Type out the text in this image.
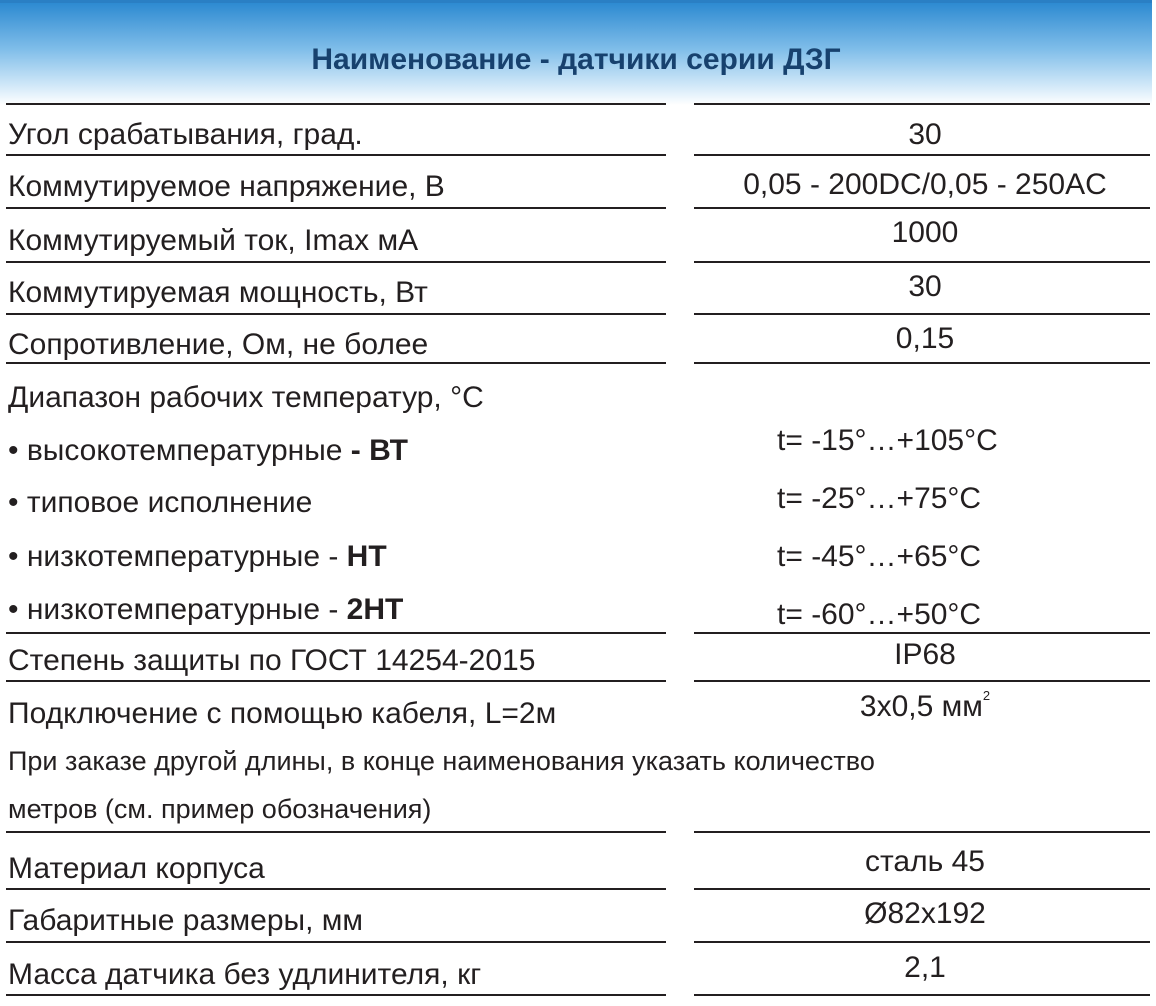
Наименование - датчики серии ДЗГ
Угол срабатывания, град.	30
Коммутируемое напряжение, В	0,05 - 200DC/0,05 - 250AC
Коммутируемый ток, Imax мА	1000
Коммутируемая мощность, Вт	30
Сопротивление, Ом, не более	0,15
Диапазон рабочих температур, °С
• высокотемпературные - ВТ	t= -15°…+105°С
• типовое исполнение	t= -25°…+75°С
• низкотемпературные - НТ	t= -45°…+65°С
• низкотемпературные - 2НТ	t= -60°…+50°С
Степень защиты по ГОСТ 14254-2015	IP68
Подключение с помощью кабеля, L=2м	3х0,5 $мм^2$
При заказе другой длины, в конце наименования указать количество
метров (см. пример обозначения)
Материал корпуса	сталь 45
Габаритные размеры, мм	Ø82х192
Масса датчика без удлинителя, кг	2,1
